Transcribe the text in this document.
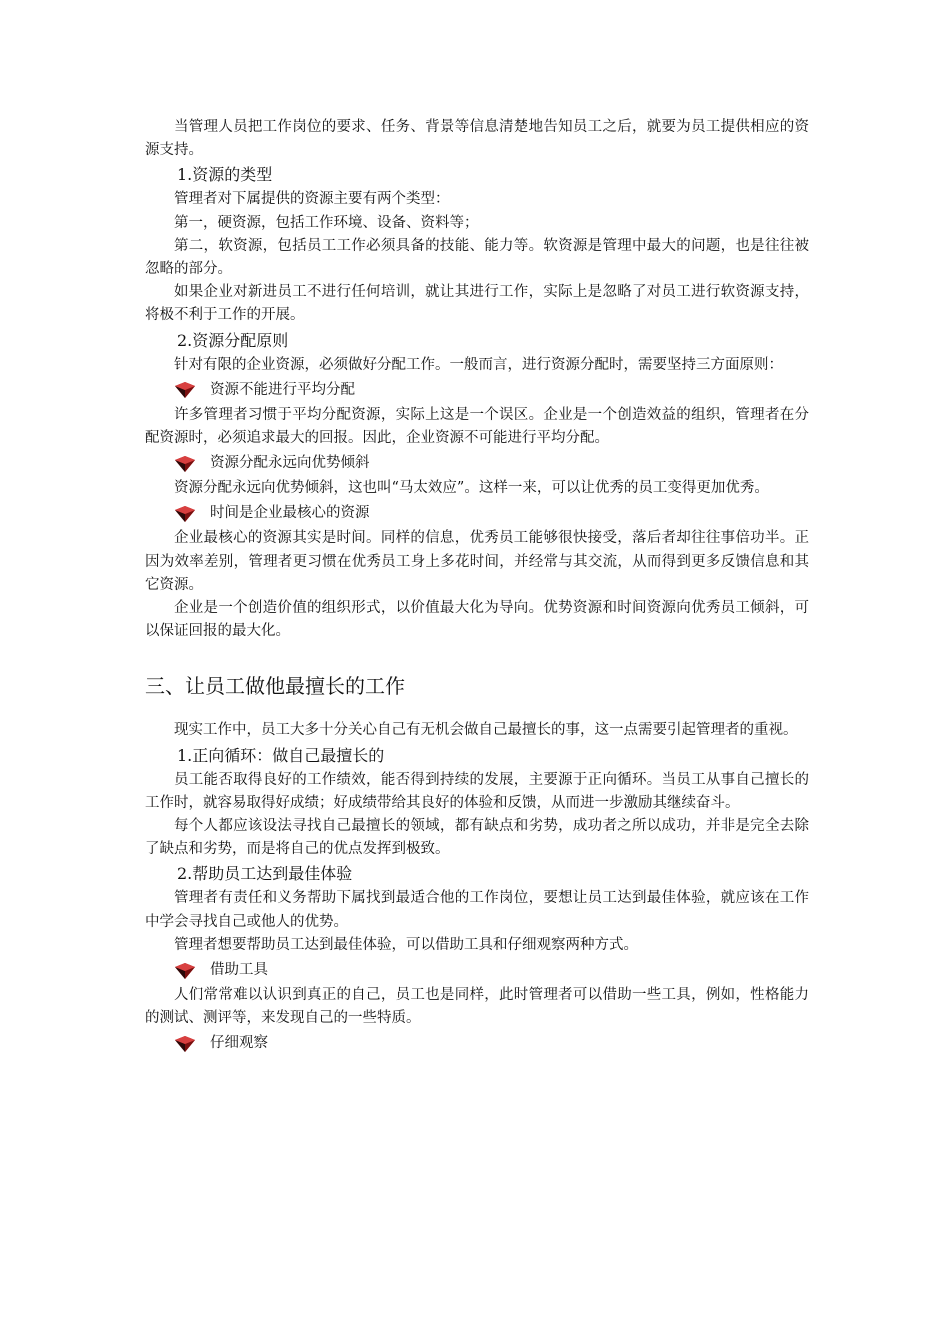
当管理人员把工作岗位的要求、任务、背景等信息清楚地告知员工之后，就要为员工提供相应的资源支持。

1.资源的类型

管理者对下属提供的资源主要有两个类型：

第一，硬资源，包括工作环境、设备、资料等；

第二，软资源，包括员工工作必须具备的技能、能力等。软资源是管理中最大的问题，也是往往被忽略的部分。

如果企业对新进员工不进行任何培训，就让其进行工作，实际上是忽略了对员工进行软资源支持，将极不利于工作的开展。

2.资源分配原则

针对有限的企业资源，必须做好分配工作。一般而言，进行资源分配时，需要坚持三方面原则：

资源不能进行平均分配

许多管理者习惯于平均分配资源，实际上这是一个误区。企业是一个创造效益的组织，管理者在分配资源时，必须追求最大的回报。因此，企业资源不可能进行平均分配。

资源分配永远向优势倾斜

资源分配永远向优势倾斜，这也叫“马太效应”。这样一来，可以让优秀的员工变得更加优秀。

时间是企业最核心的资源

企业最核心的资源其实是时间。同样的信息，优秀员工能够很快接受，落后者却往往事倍功半。正因为效率差别，管理者更习惯在优秀员工身上多花时间，并经常与其交流，从而得到更多反馈信息和其它资源。

企业是一个创造价值的组织形式，以价值最大化为导向。优势资源和时间资源向优秀员工倾斜，可以保证回报的最大化。

三、让员工做他最擅长的工作

现实工作中，员工大多十分关心自己有无机会做自己最擅长的事，这一点需要引起管理者的重视。

1.正向循环：做自己最擅长的

员工能否取得良好的工作绩效，能否得到持续的发展，主要源于正向循环。当员工从事自己擅长的工作时，就容易取得好成绩；好成绩带给其良好的体验和反馈，从而进一步激励其继续奋斗。

每个人都应该设法寻找自己最擅长的领域，都有缺点和劣势，成功者之所以成功，并非是完全去除了缺点和劣势，而是将自己的优点发挥到极致。

2.帮助员工达到最佳体验

管理者有责任和义务帮助下属找到最适合他的工作岗位，要想让员工达到最佳体验，就应该在工作中学会寻找自己或他人的优势。

管理者想要帮助员工达到最佳体验，可以借助工具和仔细观察两种方式。

借助工具

人们常常难以认识到真正的自己，员工也是同样，此时管理者可以借助一些工具，例如，性格能力的测试、测评等，来发现自己的一些特质。

仔细观察
